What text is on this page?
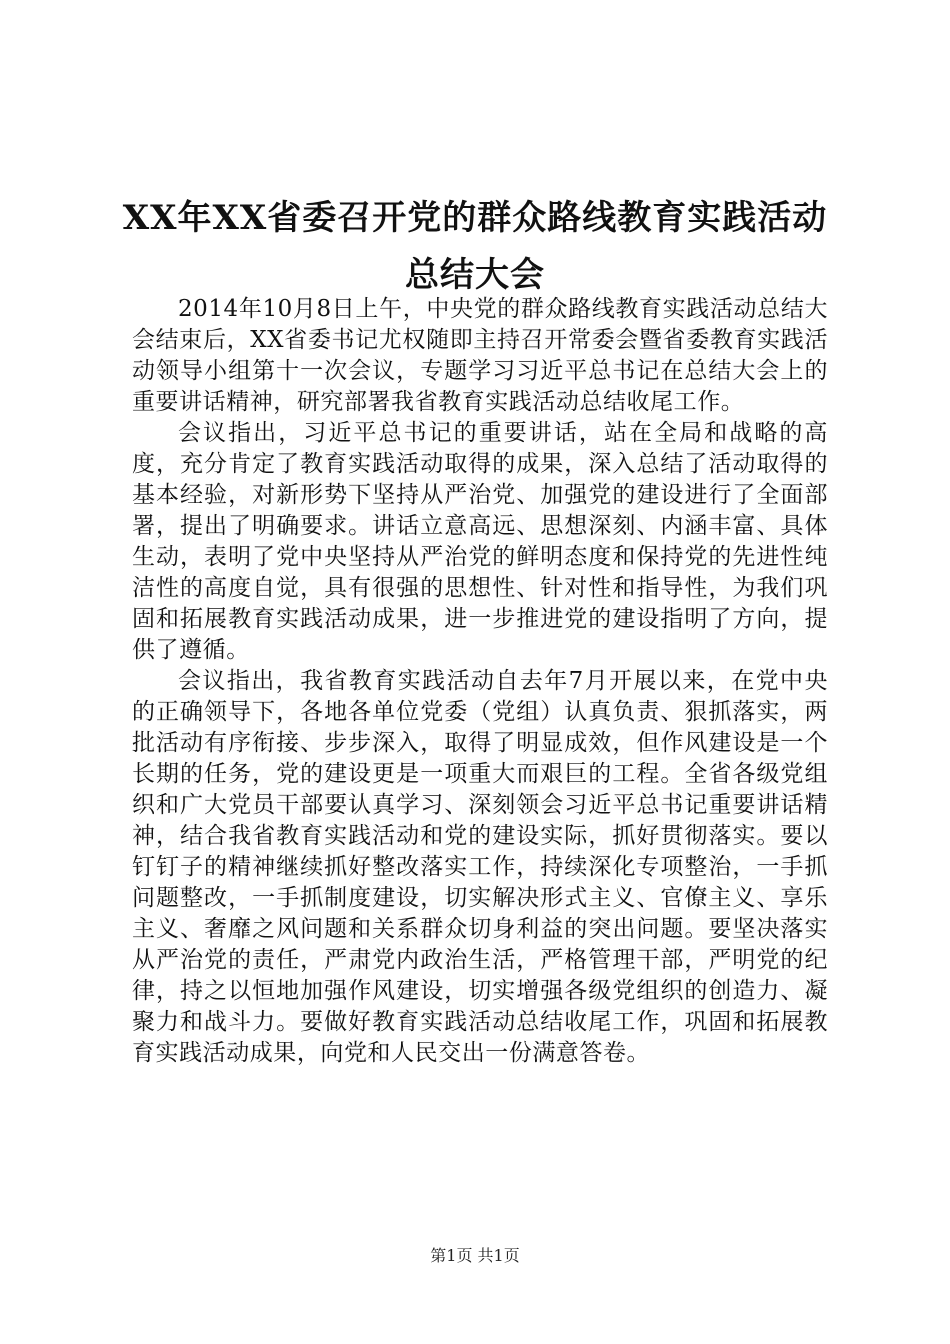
XX年XX省委召开党的群众路线教育实践活动
总结大会

2014年10月8日上午，中央党的群众路线教育实践活动总结大会结束后，XX省委书记尤权随即主持召开常委会暨省委教育实践活动领导小组第十一次会议，专题学习习近平总书记在总结大会上的重要讲话精神，研究部署我省教育实践活动总结收尾工作。

会议指出，习近平总书记的重要讲话，站在全局和战略的高度，充分肯定了教育实践活动取得的成果，深入总结了活动取得的基本经验，对新形势下坚持从严治党、加强党的建设进行了全面部署，提出了明确要求。讲话立意高远、思想深刻、内涵丰富、具体生动，表明了党中央坚持从严治党的鲜明态度和保持党的先进性纯洁性的高度自觉，具有很强的思想性、针对性和指导性，为我们巩固和拓展教育实践活动成果，进一步推进党的建设指明了方向，提供了遵循。

会议指出，我省教育实践活动自去年7月开展以来，在党中央的正确领导下，各地各单位党委（党组）认真负责、狠抓落实，两批活动有序衔接、步步深入，取得了明显成效，但作风建设是一个长期的任务，党的建设更是一项重大而艰巨的工程。全省各级党组织和广大党员干部要认真学习、深刻领会习近平总书记重要讲话精神，结合我省教育实践活动和党的建设实际，抓好贯彻落实。要以钉钉子的精神继续抓好整改落实工作，持续深化专项整治，一手抓问题整改，一手抓制度建设，切实解决形式主义、官僚主义、享乐主义、奢靡之风问题和关系群众切身利益的突出问题。要坚决落实从严治党的责任，严肃党内政治生活，严格管理干部，严明党的纪律，持之以恒地加强作风建设，切实增强各级党组织的创造力、凝聚力和战斗力。要做好教育实践活动总结收尾工作，巩固和拓展教育实践活动成果，向党和人民交出一份满意答卷。

第1页 共1页
